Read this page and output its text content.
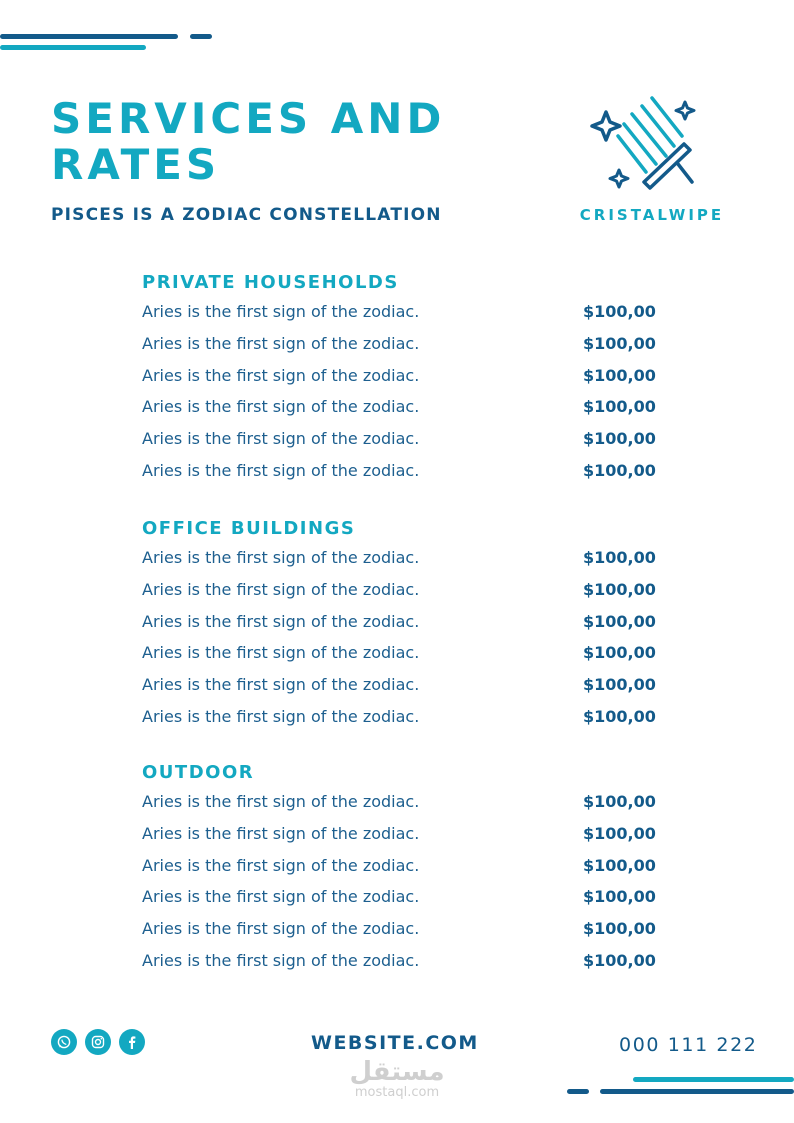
SERVICES AND RATES
PISCES IS A ZODIAC CONSTELLATION	CRISTALWIPE
PRIVATE HOUSEHOLDS
Aries is the first sign of the zodiac.	$100,00
Aries is the first sign of the zodiac.	$100,00
Aries is the first sign of the zodiac.	$100,00
Aries is the first sign of the zodiac.	$100,00
Aries is the first sign of the zodiac.	$100,00
Aries is the first sign of the zodiac.	$100,00
OFFICE BUILDINGS
Aries is the first sign of the zodiac.	$100,00
Aries is the first sign of the zodiac.	$100,00
Aries is the first sign of the zodiac.	$100,00
Aries is the first sign of the zodiac.	$100,00
Aries is the first sign of the zodiac.	$100,00
Aries is the first sign of the zodiac.	$100,00
OUTDOOR
Aries is the first sign of the zodiac.	$100,00
Aries is the first sign of the zodiac.	$100,00
Aries is the first sign of the zodiac.	$100,00
Aries is the first sign of the zodiac.	$100,00
Aries is the first sign of the zodiac.	$100,00
Aries is the first sign of the zodiac.	$100,00
WEBSITE.COM	000 111 222
مستقل
mostaql.com
